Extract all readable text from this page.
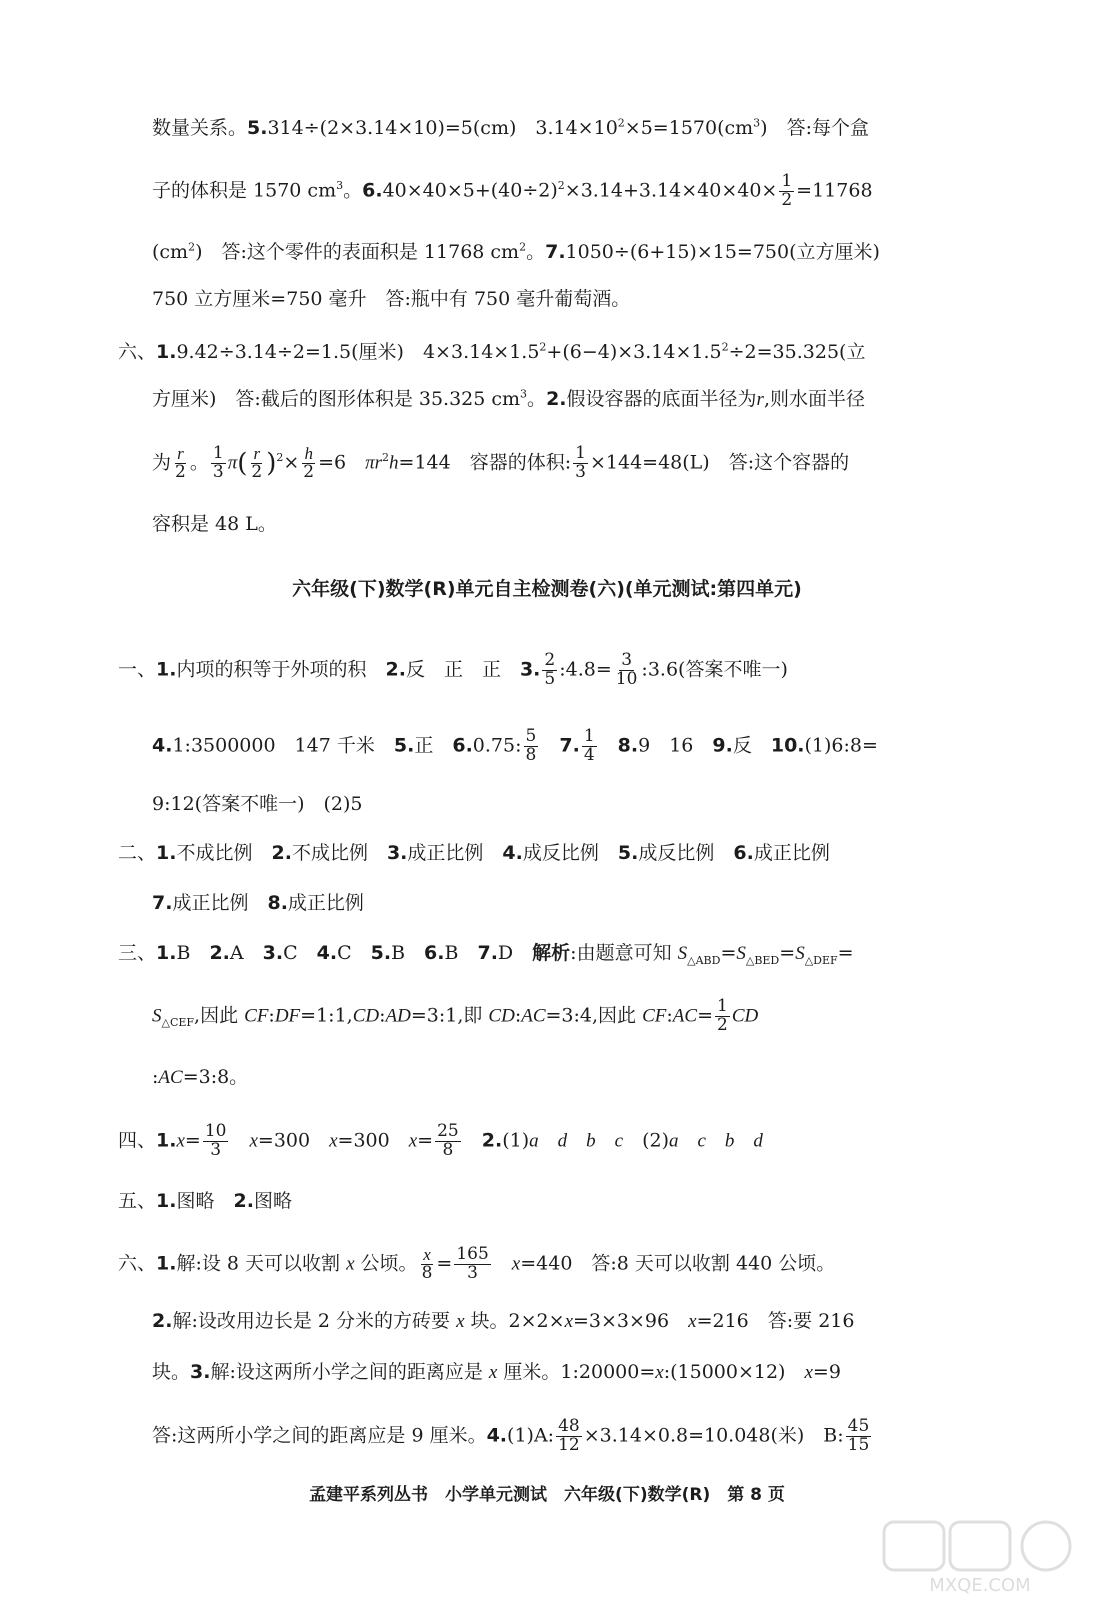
数量关系。5.314÷(2×3.14×10)=5(cm)　$3.14\times 10^2\times 5=1570(cm^3)$　答:每个盒
子的体积是 1570 $cm^3$。$6.40\times 40\times 5+(40\div 2)^2\times 3.14+3.14\times 40\times 40\times \frac{1}{2} =11768$
$(cm^2)$　答:这个零件的表面积是 11768 $cm^2$。7.1050÷(6+15)×15=750(立方厘米)
750 立方厘米=750 毫升　答:瓶中有 750 毫升葡萄酒。
六、1.9.42÷3.14÷2=1.5(厘米)　$4\times 3.14\times 1.5^2+(6-4)\times 3.14\times 1.5^2\div 2=35.325$(立
方厘米)　答:截后的图形体积是 35.325 $cm^3$。2.假设容器的底面半径为r,则水面半径
为 $\frac{r}{2}$ 。 $\frac{1}{3} \pi( \frac{r}{2} )^2\times \frac{h}{2} =6$　$\pi r^2h=144$　容器的体积: $\frac{1}{3} \times 144=48(L)$　答:这个容器的
容积是 48 L。
六年级(下)数学(R)单元自主检测卷(六)(单元测试:第四单元)
一、1.内项的积等于外项的积　2.反　正　正　3. $\frac{2}{5}$ :4.8= $\frac{3}{10}$ :3.6(答案不唯一)
4.1:3500000　147 千米　5.正　6.0.75: $\frac{5}{8}$
　 7. $\frac{1}{4}$
　 8.9　16　9.反　10.(1)6:8=
9:12(答案不唯一)　(2)5
二、1.不成比例　2.不成比例　3.成正比例　4.成反比例　5.成反比例　6.成正比例
7.成正比例　8.成正比例
三、1.B　2.A　3.C　4.C　5.B　6.B　7.D　解析:由题意可知 $S_{\triangle ABD}=S_{\triangle BED}=S_{\triangle DEF}=$
$S_{\triangle CEF}$,因此 CF:DF=1:1,CD:AD=3:1,即 CD:AC=3:4,因此 CF:AC= $\frac{1}{2}$ CD
:AC=3:8。
四、$1.x= \frac{10}{3}$
　 x=300　x=300　$x= \frac{25}{8}$
　 2.(1)a　d　b　c　(2)a　c　b　d
五、1.图略　2.图略
六、1.解:设 8 天可以收割 x 公顷。 $\frac{x}{8} = \frac{165}{3}$
　 x=440　答:8 天可以收割 440 公顷。
2.解:设改用边长是 2 分米的方砖要 x 块。2×2×x=3×3×96　x=216　答:要 216
块。3.解:设这两所小学之间的距离应是 x 厘米。1:20000=x:(15000×12)　x=9
答:这两所小学之间的距离应是 9 厘米。4.(1)A: $\frac{48}{12} \times 3.14\times 0.8=10.048$(米)　B: $\frac{45}{15}$
孟建平系列丛书　小学单元测试　六年级(下)数学(R)　第 8 页
MXQE.COM
